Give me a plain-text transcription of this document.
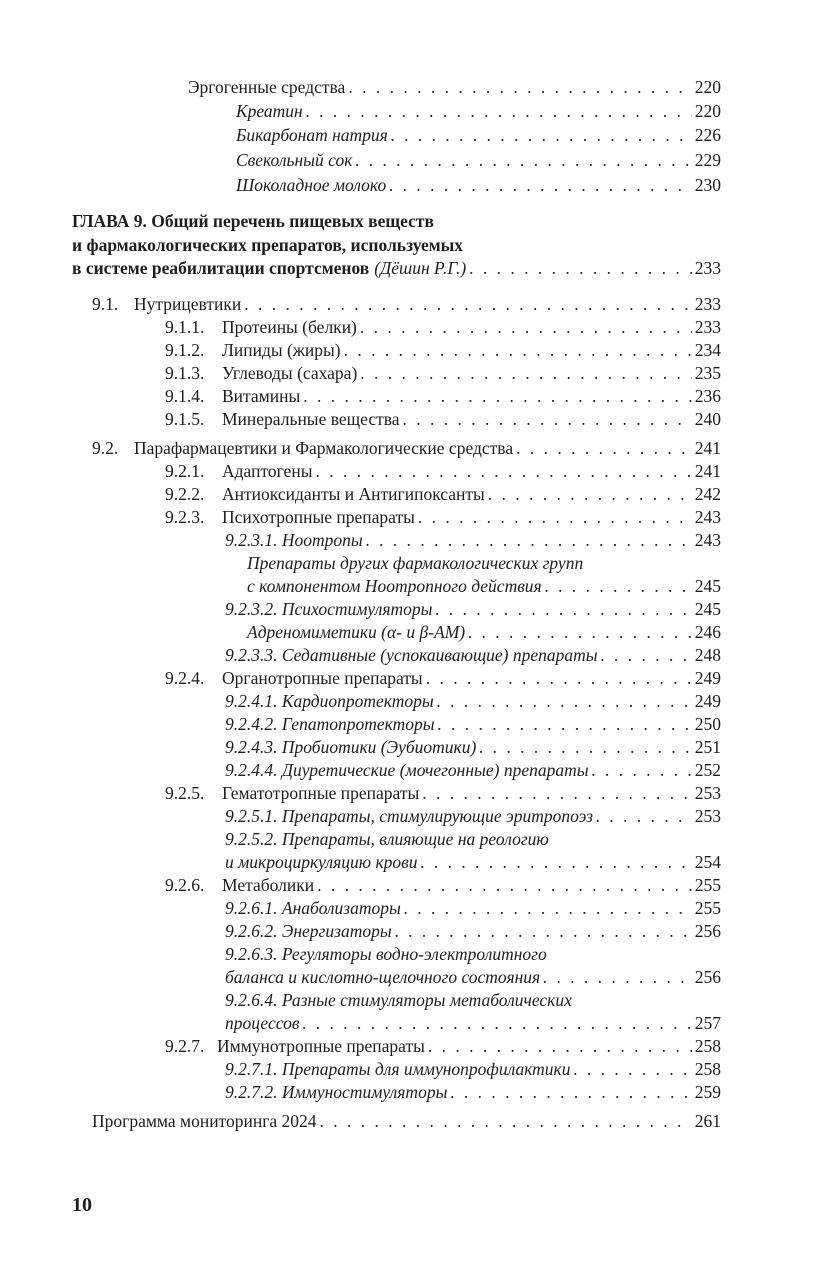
Эргогенные средства . . .	220
Креатин . . .	220
Бикарбонат натрия . . .	226
Свекольный сок . . .	229
Шоколадное молоко . . .	230
ГЛАВА 9. Общий перечень пищевых веществ
и фармакологических препаратов, используемых
в системе реабилитации спортсменов (Дёшин Р.Г.) . . .	233
9.1. Нутрицевтики . . .	233
9.1.1.	Протеины (белки) . . .	233
9.1.2.	Липиды (жиры) . . .	234
9.1.3.	Углеводы (сахара) . . .	235
9.1.4.	Витамины . . .	236
9.1.5.	Минеральные вещества . . .	240
9.2. Парафармацевтики и Фармакологические средства . . .	241
9.2.1.	Адаптогены . . .	241
9.2.2.	Антиоксиданты и Антигипоксанты . . .	242
9.2.3.	Психотропные препараты . . .	243
9.2.3.1. Ноотропы . . .	243
Препараты других фармакологических групп
с компонентом Ноотропного действия . . .	245
9.2.3.2. Психостимуляторы . . .	245
Адреномиметики (α- и β-АМ) . . .	246
9.2.3.3. Седативные (успокаивающие) препараты . . .	248
9.2.4.	Органотропные препараты . . .	249
9.2.4.1. Кардиопротекторы . . .	249
9.2.4.2. Гепатопротекторы . . .	250
9.2.4.3. Пробиотики (Эубиотики) . . .	251
9.2.4.4. Диуретические (мочегонные) препараты . . .	252
9.2.5.	Гематотропные препараты . . .	253
9.2.5.1. Препараты, стимулирующие эритропоэз . . .	253
9.2.5.2. Препараты, влияющие на реологию
и микроциркуляцию крови . . .	254
9.2.6.	Метаболики . . .	255
9.2.6.1. Анаболизаторы . . .	255
9.2.6.2. Энергизаторы . . .	256
9.2.6.3. Регуляторы водно-электролитного
баланса и кислотно-щелочного состояния . . .	256
9.2.6.4. Разные стимуляторы метаболических
процессов . . .	257
9.2.7. Иммунотропные препараты . . .	258
9.2.7.1. Препараты для иммунопрофилактики . . .	258
9.2.7.2. Иммуностимуляторы . . .	259
Программа мониторинга 2024 . . .	261
10
